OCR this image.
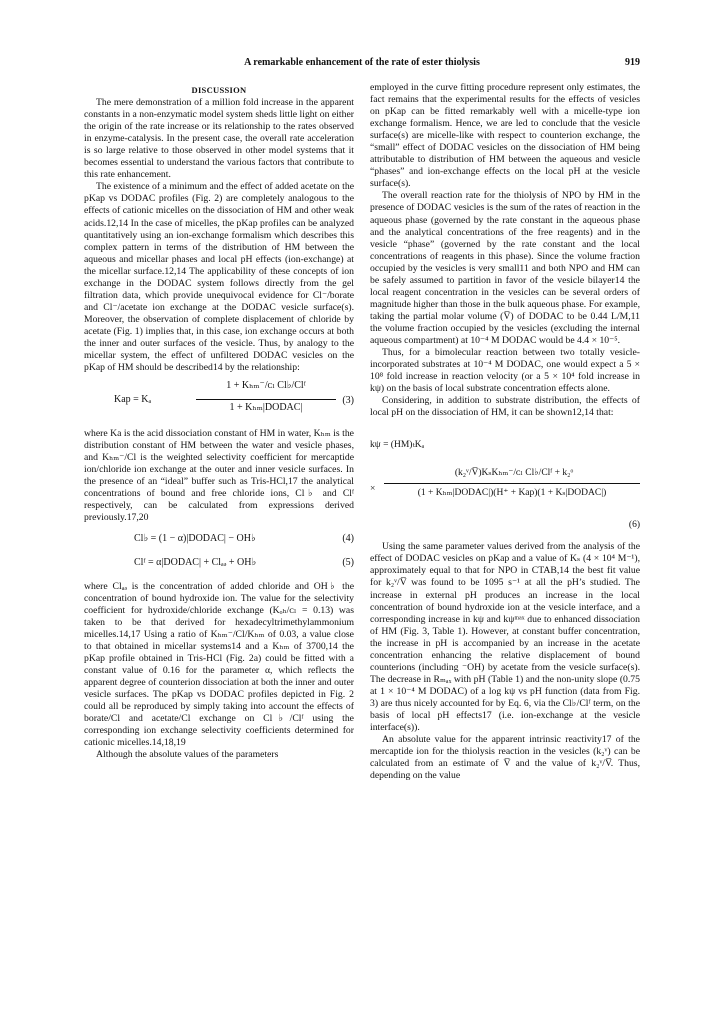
A remarkable enhancement of the rate of ester thiolysis	919

DISCUSSION

The mere demonstration of a million fold increase in the apparent constants in a non-enzymatic model system sheds little light on either the origin of the rate increase or its relationship to the rates observed in enzyme-catalysis. In the present case, the overall rate acceleration is so large relative to those observed in other model systems that it becomes essential to understand the various factors that contribute to this rate enhancement.

The existence of a minimum and the effect of added acetate on the pKap vs DODAC profiles (Fig. 2) are completely analogous to the effects of cationic micelles on the dissociation of HM and other weak acids.12,14 In the case of micelles, the pKap profiles can be analyzed quantitatively using an ion-exchange formalism which describes this complex pattern in terms of the distribution of HM between the aqueous and micellar phases and local pH effects (ion-exchange) at the micellar surface.12,14 The applicability of these concepts of ion exchange in the DODAC system follows directly from the gel filtration data, which provide unequivocal evidence for Cl⁻/borate and Cl⁻/acetate ion exchange at the DODAC vesicle surface(s). Moreover, the observation of complete displacement of chloride by acetate (Fig. 1) implies that, in this case, ion exchange occurs at both the inner and outer surfaces of the vesicle. Thus, by analogy to the micellar system, the effect of unfiltered DODAC vesicles on the pKap of HM should be described14 by the relationship:

Kap = Kₐ
1 + Kₕₘ⁻/ᴄₗ Cl♭/Clᶠ
1 + Kₕₘ|DODAC|
(3)

where Ka is the acid dissociation constant of HM in water, Kₕₘ is the distribution constant of HM between the water and vesicle phases, and Kₕₘ⁻/Cl is the weighted selectivity coefficient for mercaptide ion/chloride ion exchange at the outer and inner vesicle surfaces. In the presence of an “ideal” buffer such as Tris-HCl,17 the analytical concentrations of bound and free chloride ions, Cl♭ and Clᶠ respectively, can be calculated from expressions derived previously.17,20

Cl♭ = (1 − α)|DODAC| − OH♭	(4)
Clᶠ = α|DODAC| + Clₐₔ + OH♭	(5)

where Clₐₔ is the concentration of added chloride and OH♭ the concentration of bound hydroxide ion. The value for the selectivity coefficient for hydroxide/chloride exchange (Kₒₕ/ᴄₗ = 0.13) was taken to be that derived for hexadecyltrimethylammonium micelles.14,17 Using a ratio of Kₕₘ⁻/Cl/Kₕₘ of 0.03, a value close to that obtained in micellar systems14 and a Kₕₘ of 3700,14 the pKap profile obtained in Tris-HCl (Fig. 2a) could be fitted with a constant value of 0.16 for the parameter α, which reflects the apparent degree of counterion dissociation at both the inner and outer vesicle surfaces. The pKap vs DODAC profiles depicted in Fig. 2 could all be reproduced by simply taking into account the effects of borate/Cl and acetate/Cl exchange on Cl♭/Clᶠ using the corresponding ion exchange selectivity coefficients determined for cationic micelles.14,18,19

Although the absolute values of the parameters

employed in the curve fitting procedure represent only estimates, the fact remains that the experimental results for the effects of vesicles on pKap can be fitted remarkably well with a micelle-type ion exchange formalism. Hence, we are led to conclude that the vesicle surface(s) are micelle-like with respect to counterion exchange, the “small” effect of DODAC vesicles on the dissociation of HM being attributable to distribution of HM between the aqueous and vesicle “phases” and ion-exchange effects on the local pH at the vesicle surface(s).

The overall reaction rate for the thiolysis of NPO by HM in the presence of DODAC vesicles is the sum of the rates of reaction in the aqueous phase (governed by the rate constant in the aqueous phase and the analytical concentrations of the free reagents) and in the vesicle “phase” (governed by the rate constant and the local concentrations of reagents in this phase). Since the volume fraction occupied by the vesicles is very small11 and both NPO and HM can be safely assumed to partition in favor of the vesicle bilayer14 the local reagent concentration in the vesicles can be several orders of magnitude higher than those in the bulk aqueous phase. For example, taking the partial molar volume (V̅) of DODAC to be 0.44 L/M,11 the volume fraction occupied by the vesicles (excluding the internal aqueous compartment) at 10⁻⁴ M DODAC would be 4.4 × 10⁻⁵.

Thus, for a bimolecular reaction between two totally vesicle-incorporated substrates at 10⁻⁴ M DODAC, one would expect a 5 × 10⁸ fold increase in reaction velocity (or a 5 × 10⁴ fold increase in kψ) on the basis of local substrate concentration effects alone.

Considering, in addition to substrate distribution, the effects of local pH on the dissociation of HM, it can be shown12,14 that:

kψ = (HM)ₜKₐ
(k₂ᵛ/V̅)KₛKₕₘ⁻/ᴄₗ Cl♭/Clᶠ + k₂ᵒ
×	(1 + Kₕₘ|DODAC|)(H⁺ + Kap)(1 + Kₛ|DODAC|)
(6)

Using the same parameter values derived from the analysis of the effect of DODAC vesicles on pKap and a value of Kₛ (4 × 10⁴ M⁻¹), approximately equal to that for NPO in CTAB,14 the best fit value for k₂ᵛ/V̅ was found to be 1095 s⁻¹ at all the pH’s studied. The increase in external pH produces an increase in the local concentration of bound hydroxide ion at the vesicle interface, and a corresponding increase in kψ and kψᵐᵃˣ due to enhanced dissociation of HM (Fig. 3, Table 1). However, at constant buffer concentration, the increase in pH is accompanied by an increase in the acetate concentration enhancing the relative displacement of bound counterions (including ⁻OH) by acetate from the vesicle surface(s). The decrease in Rₘₐₓ with pH (Table 1) and the non-unity slope (0.75 at 1 × 10⁻⁴ M DODAC) of a log kψ vs pH function (data from Fig. 3) are thus nicely accounted for by Eq. 6, via the Cl♭/Clᶠ term, on the basis of local pH effects17 (i.e. ion-exchange at the vesicle interface(s)).

An absolute value for the apparent intrinsic reactivity17 of the mercaptide ion for the thiolysis reaction in the vesicles (k₂ᵛ) can be calculated from an estimate of V̅ and the value of k₂ᵛ/V̅. Thus, depending on the value
